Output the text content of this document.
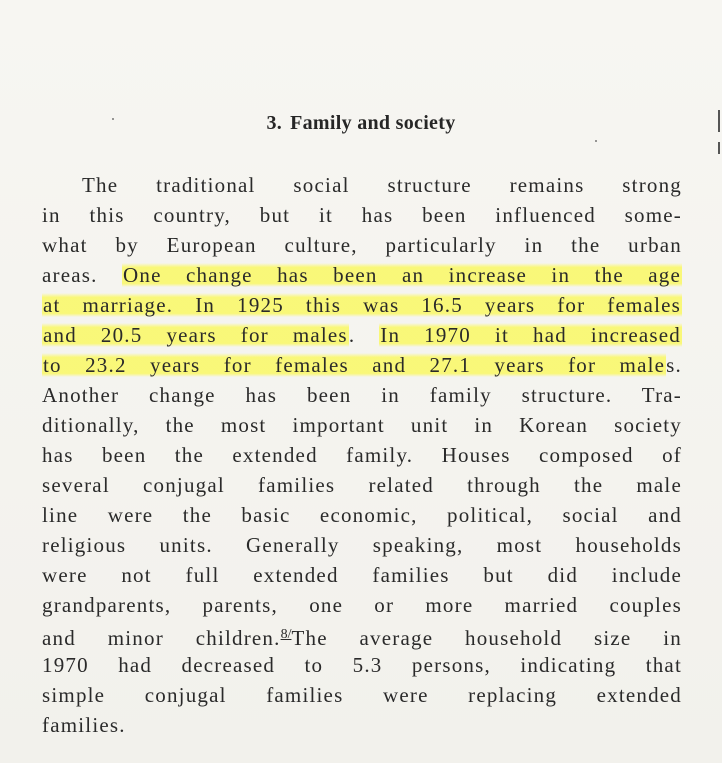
3. Family and society
The traditional social structure remains strong
in this country, but it has been influenced some-
what by European culture, particularly in the urban
areas. One change has been an increase in the age
at marriage. In 1925 this was 16.5 years for females
and 20.5 years for males. In 1970 it had increased
to 23.2 years for females and 27.1 years for males.
Another change has been in family structure. Tra-
ditionally, the most important unit in Korean society
has been the extended family. Houses composed of
several conjugal families related through the male
line were the basic economic, political, social and
religious units. Generally speaking, most households
were not full extended families but did include
grandparents, parents, one or more married couples
and minor children.$^{8/}$The average household size in
1970 had decreased to 5.3 persons, indicating that
simple conjugal families were replacing extended
families.
